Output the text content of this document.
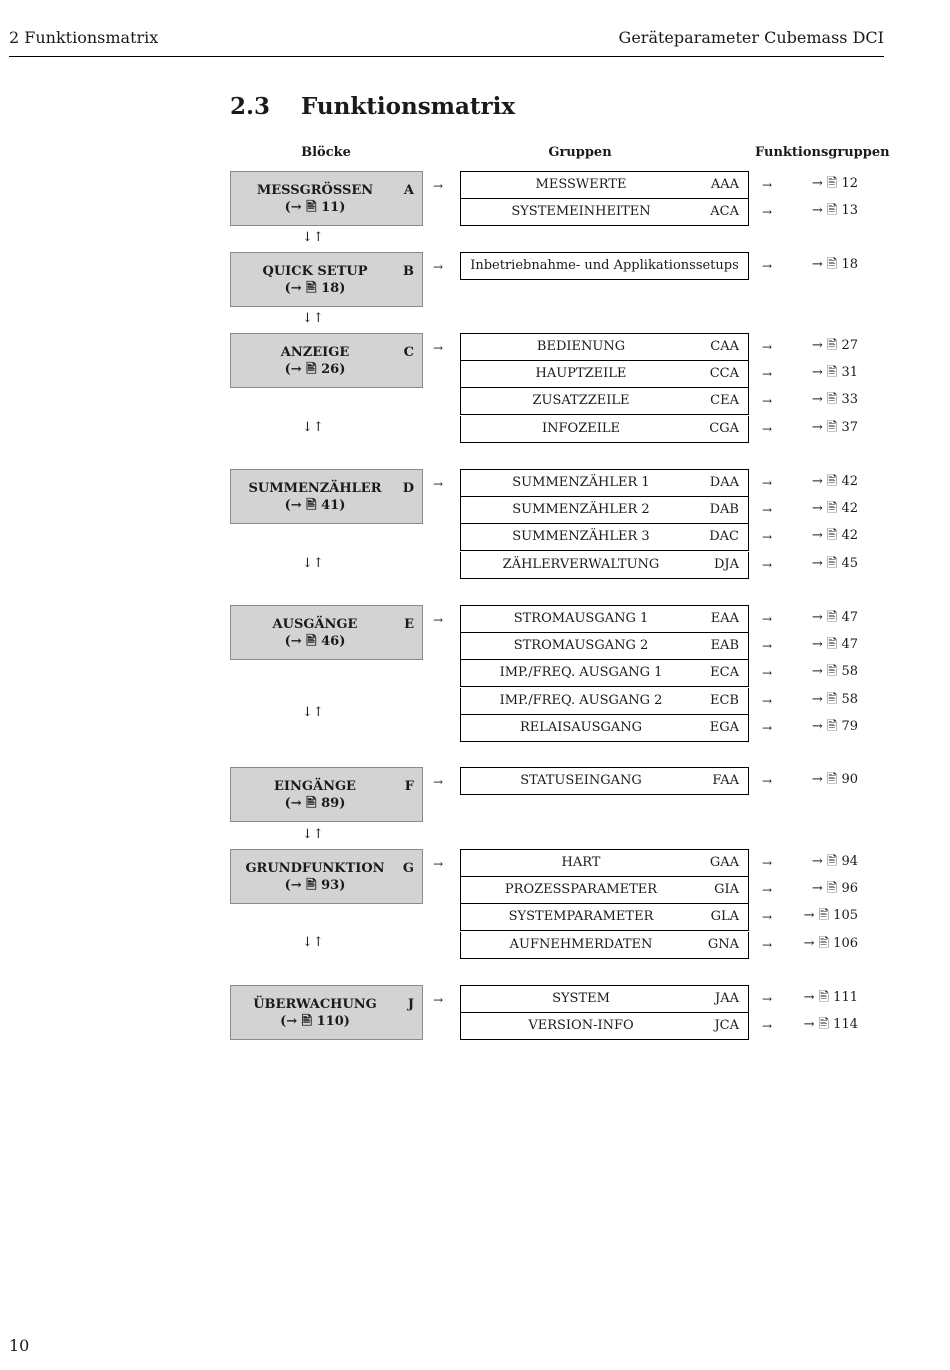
2 Funktionsmatrix	Geräteparameter Cubemass DCI
2.3 Funktionsmatrix
Blöcke	Gruppen	Funktionsgruppen
MESSGRÖSSEN
(→ 🖹 11)
A →	MESSWERTE	AAA →	→ 🖹 12
SYSTEMEINHEITEN	ACA →	→ 🖹 13
↓↑
QUICK SETUP
(→ 🖹 18)
B →	Inbetriebnahme- und Applikationssetups	→	→ 🖹 18
↓↑
ANZEIGE
(→ 🖹 26)
C →	BEDIENUNG	CAA →	→ 🖹 27
HAUPTZEILE	CCA →	→ 🖹 31
ZUSATZZEILE	CEA →	→ 🖹 33
INFOZEILE	CGA →	→ 🖹 37
↓↑
SUMMENZÄHLER
(→ 🖹 41)
D →	SUMMENZÄHLER 1	DAA →	→ 🖹 42
SUMMENZÄHLER 2	DAB →	→ 🖹 42
SUMMENZÄHLER 3	DAC →	→ 🖹 42
ZÄHLERVERWALTUNG	DJA →	→ 🖹 45
↓↑
AUSGÄNGE
(→ 🖹 46)
E →	STROMAUSGANG 1	EAA →	→ 🖹 47
STROMAUSGANG 2	EAB →	→ 🖹 47
IMP./FREQ. AUSGANG 1	ECA →	→ 🖹 58
IMP./FREQ. AUSGANG 2	ECB →	→ 🖹 58
RELAISAUSGANG	EGA →	→ 🖹 79
↓↑
EINGÄNGE
(→ 🖹 89)
F →	STATUSEINGANG	FAA →	→ 🖹 90
↓↑
GRUNDFUNKTION
(→ 🖹 93)
G →	HART	GAA →	→ 🖹 94
PROZESSPARAMETER	GIA →	→ 🖹 96
SYSTEMPARAMETER	GLA → → 🖹 105
AUFNEHMERDATEN	GNA → → 🖹 106
↓↑
ÜBERWACHUNG
(→ 🖹 110)
J →	SYSTEM	JAA → → 🖹 111
VERSION-INFO	JCA → → 🖹 114
10
